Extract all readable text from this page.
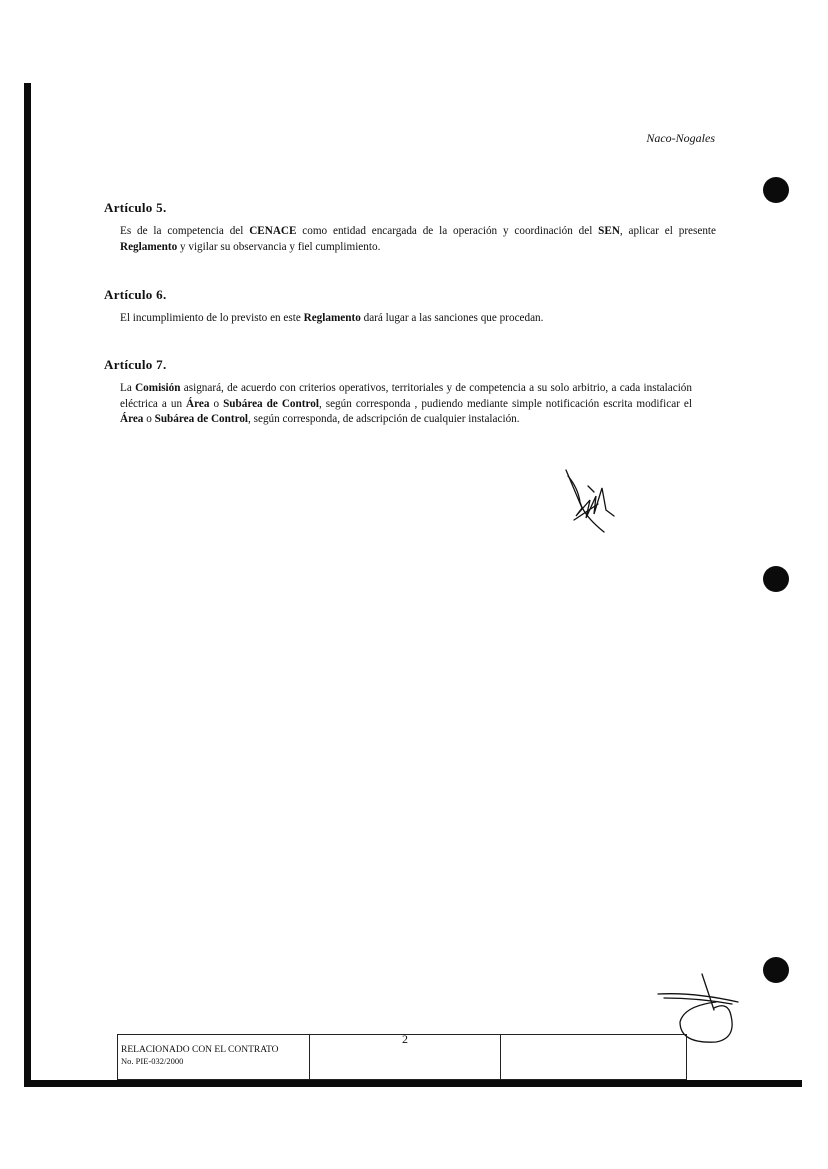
Naco-Nogales

Artículo 5.

Es de la competencia del CENACE como entidad encargada de la operación y coordinación del SEN, aplicar el presente Reglamento y vigilar su observancia y fiel cumplimiento.

Artículo 6.

El incumplimiento de lo previsto en este Reglamento dará lugar a las sanciones que procedan.

Artículo 7.

La Comisión asignará, de acuerdo con criterios operativos, territoriales y de competencia a su solo arbitrio, a cada instalación eléctrica a un Área o Subárea de Control, según corresponda , pudiendo mediante simple notificación escrita modificar el Área o Subárea de Control, según corresponda, de adscripción de cualquier instalación.

RELACIONADO CON EL CONTRATO
No. PIE-032/2000
	2	
